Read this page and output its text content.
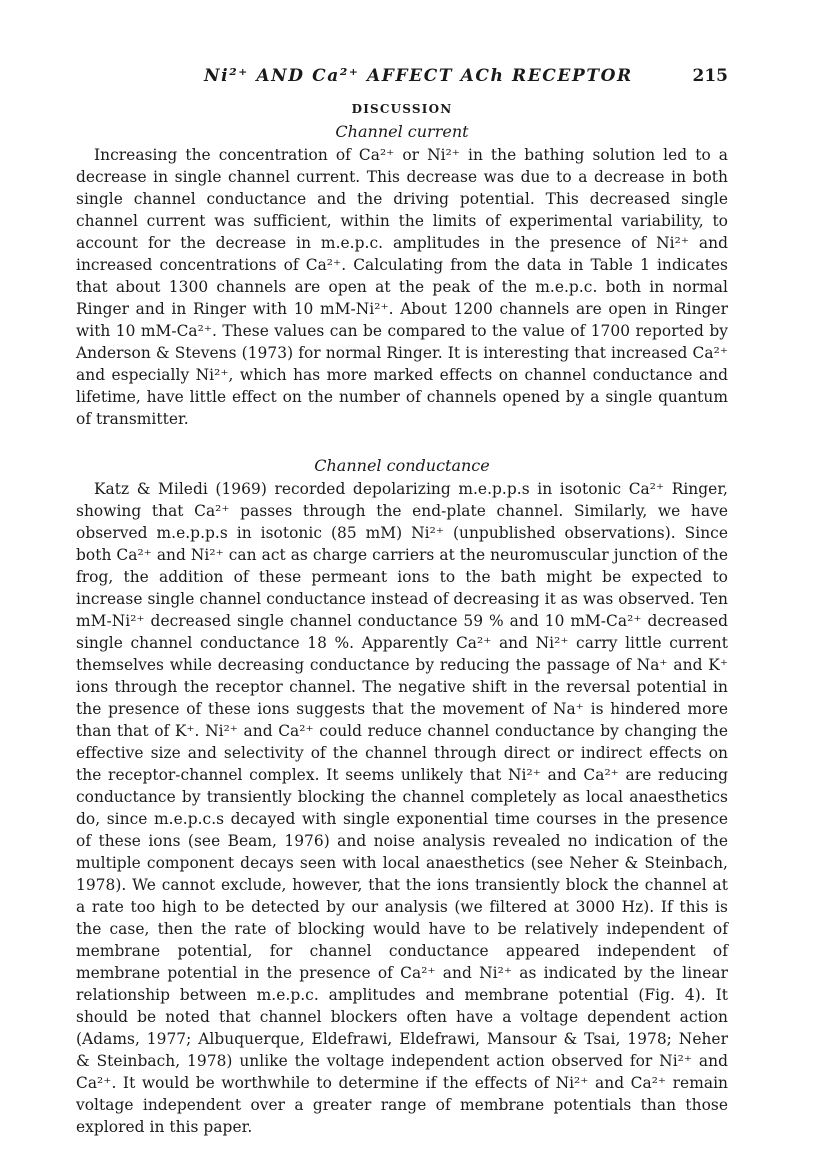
Ni²⁺ AND Ca²⁺ AFFECT ACh RECEPTOR	215
DISCUSSION
Channel current

Increasing the concentration of Ca²⁺ or Ni²⁺ in the bathing solution led to a decrease in single channel current. This decrease was due to a decrease in both single channel conductance and the driving potential. This decreased single channel current was sufficient, within the limits of experimental variability, to account for the decrease in m.e.p.c. amplitudes in the presence of Ni²⁺ and increased concentrations of Ca²⁺. Calculating from the data in Table 1 indicates that about 1300 channels are open at the peak of the m.e.p.c. both in normal Ringer and in Ringer with 10 mM-Ni²⁺. About 1200 channels are open in Ringer with 10 mM-Ca²⁺. These values can be compared to the value of 1700 reported by Anderson & Stevens (1973) for normal Ringer. It is interesting that increased Ca²⁺ and especially Ni²⁺, which has more marked effects on channel conductance and lifetime, have little effect on the number of channels opened by a single quantum of transmitter.

Channel conductance

Katz & Miledi (1969) recorded depolarizing m.e.p.p.s in isotonic Ca²⁺ Ringer, showing that Ca²⁺ passes through the end-plate channel. Similarly, we have observed m.e.p.p.s in isotonic (85 mM) Ni²⁺ (unpublished observations). Since both Ca²⁺ and Ni²⁺ can act as charge carriers at the neuromuscular junction of the frog, the addition of these permeant ions to the bath might be expected to increase single channel conductance instead of decreasing it as was observed. Ten mM-Ni²⁺ decreased single channel conductance 59 % and 10 mM-Ca²⁺ decreased single channel conductance 18 %. Apparently Ca²⁺ and Ni²⁺ carry little current themselves while decreasing conductance by reducing the passage of Na⁺ and K⁺ ions through the receptor channel. The negative shift in the reversal potential in the presence of these ions suggests that the movement of Na⁺ is hindered more than that of K⁺. Ni²⁺ and Ca²⁺ could reduce channel conductance by changing the effective size and selectivity of the channel through direct or indirect effects on the receptor-channel complex. It seems unlikely that Ni²⁺ and Ca²⁺ are reducing conductance by transiently blocking the channel completely as local anaesthetics do, since m.e.p.c.s decayed with single exponential time courses in the presence of these ions (see Beam, 1976) and noise analysis revealed no indication of the multiple component decays seen with local anaesthetics (see Neher & Steinbach, 1978). We cannot exclude, however, that the ions transiently block the channel at a rate too high to be detected by our analysis (we filtered at 3000 Hz). If this is the case, then the rate of blocking would have to be relatively independent of membrane potential, for channel conductance appeared independent of membrane potential in the presence of Ca²⁺ and Ni²⁺ as indicated by the linear relationship between m.e.p.c. amplitudes and membrane potential (Fig. 4). It should be noted that channel blockers often have a voltage dependent action (Adams, 1977; Albuquerque, Eldefrawi, Eldefrawi, Mansour & Tsai, 1978; Neher & Steinbach, 1978) unlike the voltage independent action observed for Ni²⁺ and Ca²⁺. It would be worthwhile to determine if the effects of Ni²⁺ and Ca²⁺ remain voltage independent over a greater range of membrane potentials than those explored in this paper.
